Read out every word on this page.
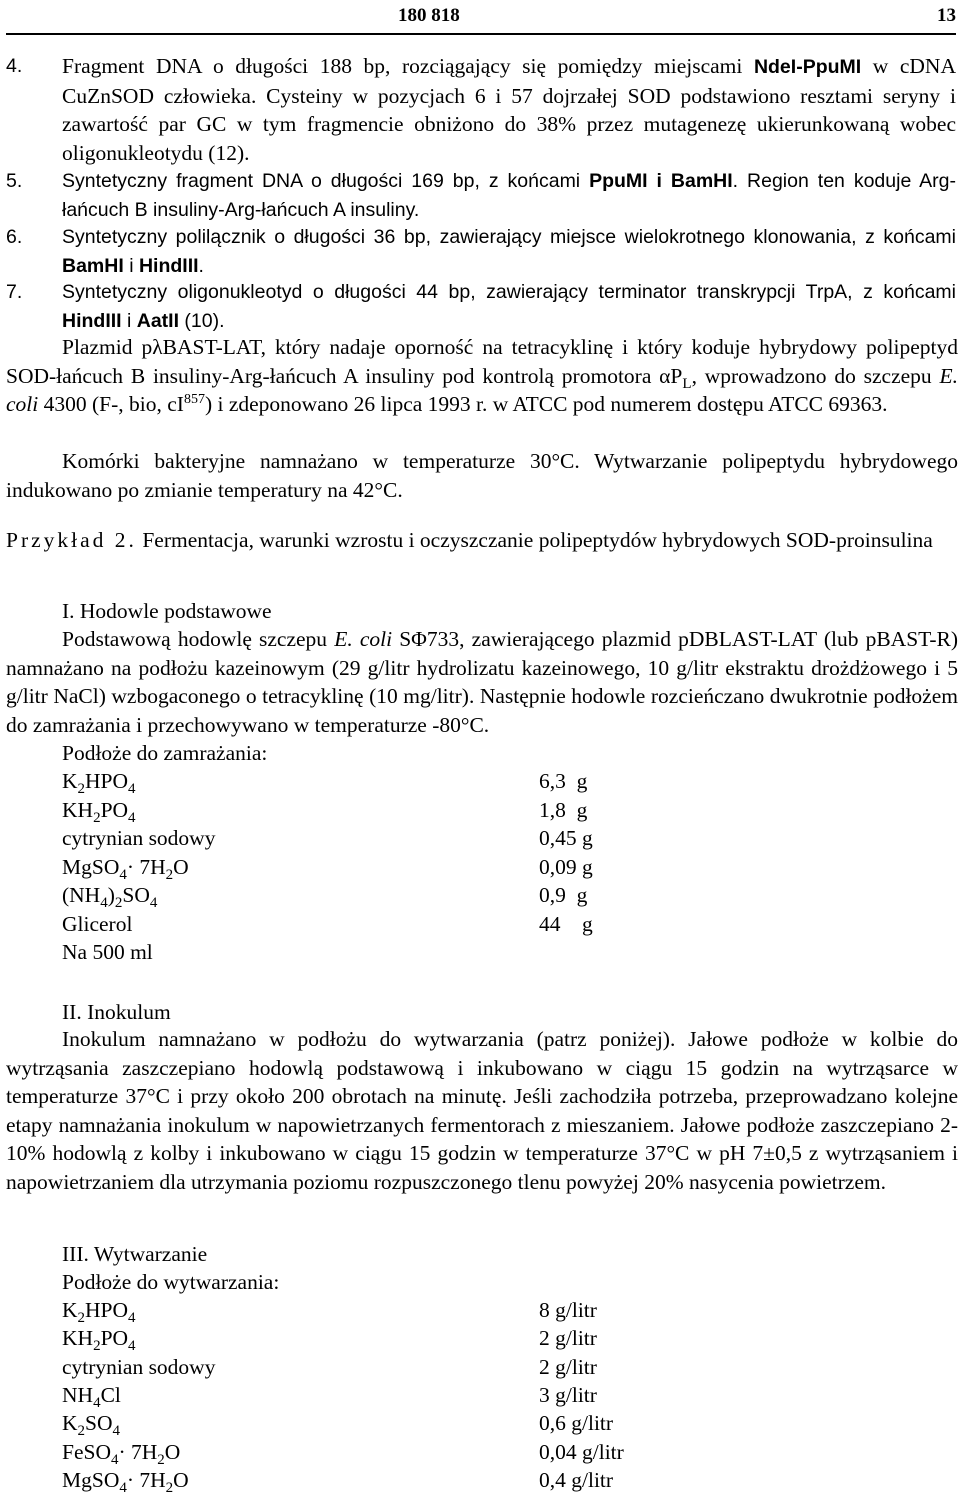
180 818	13
4. Fragment DNA o długości 188 bp, rozciągający się pomiędzy miejscami NdeI-PpuMI w cDNA CuZnSOD człowieka. Cysteiny w pozycjach 6 i 57 dojrzałej SOD podstawiono resztami seryny i zawartość par GC w tym fragmencie obniżono do 38% przez mutagenezę ukierunkowaną wobec oligonukleotydu (12).
5. Syntetyczny fragment DNA o długości 169 bp, z końcami PpuMI i BamHI. Region ten koduje Arg-łańcuch B insuliny-Arg-łańcuch A insuliny.
6. Syntetyczny polilącznik o długości 36 bp, zawierający miejsce wielokrotnego klonowania, z końcami BamHI i HindIII.
7. Syntetyczny oligonukleotyd o długości 44 bp, zawierający terminator transkrypcji TrpA, z końcami HindIII i AatII (10).
Plazmid pλBAST-LAT, który nadaje oporność na tetracyklinę i który koduje hybrydowy polipeptyd SOD-łańcuch B insuliny-Arg-łańcuch A insuliny pod kontrolą promotora $\alpha P_L$, wprowadzono do szczepu E. coli 4300 (F-, bio, $cI^{857}$) i zdeponowano 26 lipca 1993 r. w ATCC pod numerem dostępu ATCC 69363.
Komórki bakteryjne namnażano w temperaturze 30°C. Wytwarzanie polipeptydu hybrydowego indukowano po zmianie temperatury na 42°C.
Przykład 2. Fermentacja, warunki wzrostu i oczyszczanie polipeptydów hybrydowych SOD-proinsulina
I. Hodowle podstawowe
Podstawową hodowlę szczepu E. coli SΦ733, zawierającego plazmid pDBLAST-LAT (lub pBAST-R) namnażano na podłożu kazeinowym (29 g/litr hydrolizatu kazeinowego, 10 g/litr ekstraktu drożdżowego i 5 g/litr NaCl) wzbogaconego o tetracyklinę (10 mg/litr). Następnie hodowle rozcieńczano dwukrotnie podłożem do zamrażania i przechowywano w temperaturze -80°C.
Podłoże do zamrażania:
$K_2HPO_4$	6,3  g
$KH_2PO_4$	1,8  g
cytrynian sodowy	0,45 g
MgSO$_4$· $7H_2O$	0,09 g
$(NH_4)_2SO_4$	0,9  g
Glicerol	44    g
Na 500 ml
II. Inokulum
Inokulum namnażano w podłożu do wytwarzania (patrz poniżej). Jałowe podłoże w kolbie do wytrząsania zaszczepiano hodowlą podstawową i inkubowano w ciągu 15 godzin na wytrząsarce w temperaturze 37°C i przy około 200 obrotach na minutę. Jeśli zachodziła potrzeba, przeprowadzano kolejne etapy namnażania inokulum w napowietrzanych fermentorach z mieszaniem. Jałowe podłoże zaszczepiano 2-10% hodowlą z kolby i inkubowano w ciągu 15 godzin w temperaturze 37°C w pH 7±0,5 z wytrząsaniem i napowietrzaniem dla utrzymania poziomu rozpuszczonego tlenu powyżej 20% nasycenia powietrzem.
III. Wytwarzanie
Podłoże do wytwarzania:
$K_2HPO_4$	8 g/litr
$KH_2PO_4$	2 g/litr
cytrynian sodowy	2 g/litr
$NH_4Cl$	3 g/litr
$K_2SO_4$	0,6 g/litr
FeSO$_4$· $7H_2O$	0,04 g/litr
MgSO$_4$· $7H_2O$	0,4 g/litr
